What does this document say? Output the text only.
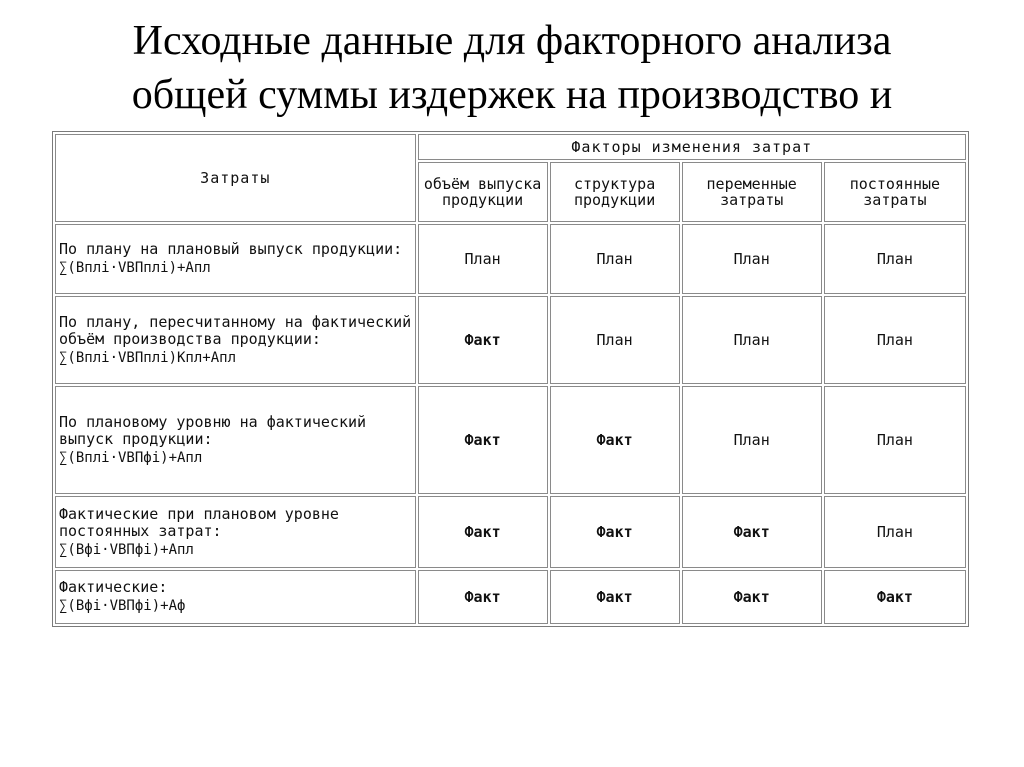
Исходные данные для факторного анализа
общей суммы издержек на производство и
Затраты	Факторы изменения затрат			
	объём выпуска продукции	структура продукции	переменные затраты	постоянные затраты
По плану на плановый выпуск продукции:
∑(Bплi·VBПплi)+Aпл	План	План	План	План
По плану, пересчитанному на фактический объём производства продукции:
∑(Bплi·VBПплi)Kпл+Aпл	Факт	План	План	План
По плановому уровню на фактический выпуск продукции:
∑(Bплi·VBПфi)+Aпл	Факт	Факт	План	План
Фактические при плановом уровне постоянных затрат:
∑(Bфi·VBПфi)+Aпл	Факт	Факт	Факт	План
Фактические:
∑(Bфi·VBПфi)+Aф	Факт	Факт	Факт	Факт
